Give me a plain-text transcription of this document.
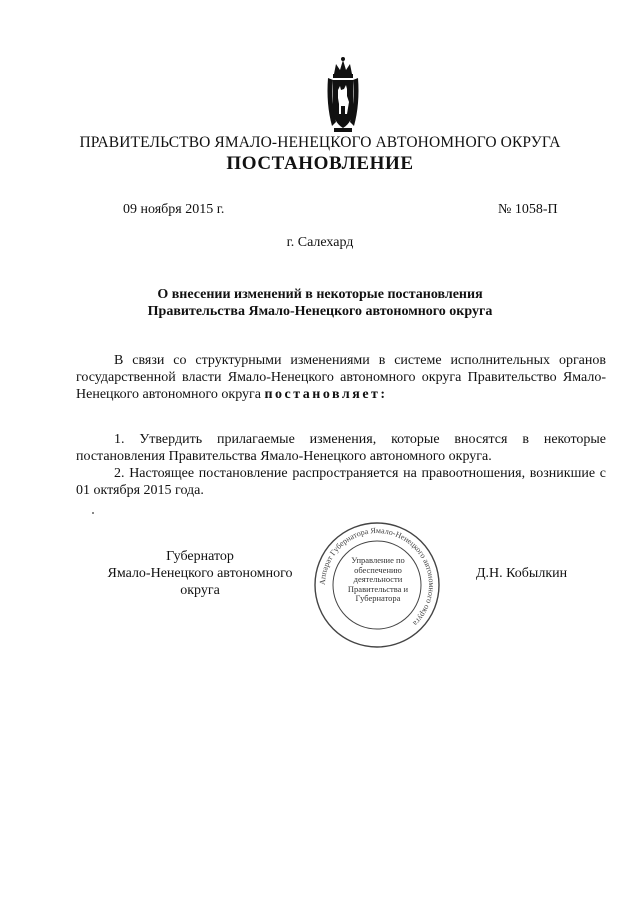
ПРАВИТЕЛЬСТВО ЯМАЛО-НЕНЕЦКОГО АВТОНОМНОГО ОКРУГА
ПОСТАНОВЛЕНИЕ
09 ноября 2015 г.	№ 1058-П
г. Салехард
О внесении изменений в некоторые постановления
Правительства Ямало-Ненецкого автономного округа
В связи со структурными изменениями в системе исполнительных органов государственной власти Ямало-Ненецкого автономного округа Правительство Ямало-Ненецкого автономного округа постановляет:
1. Утвердить прилагаемые изменения, которые вносятся в некоторые постановления Правительства Ямало-Ненецкого автономного округа.
2. Настоящее постановление распространяется на правоотношения, возникшие с 01 октября 2015 года.
Губернатор
Ямало-Ненецкого автономного округа
Аппарат Губернатора Ямало-Ненецкого автономного округа
Управление по обеспечению деятельности Правительства и Губернатора
Д.Н. Кобылкин
